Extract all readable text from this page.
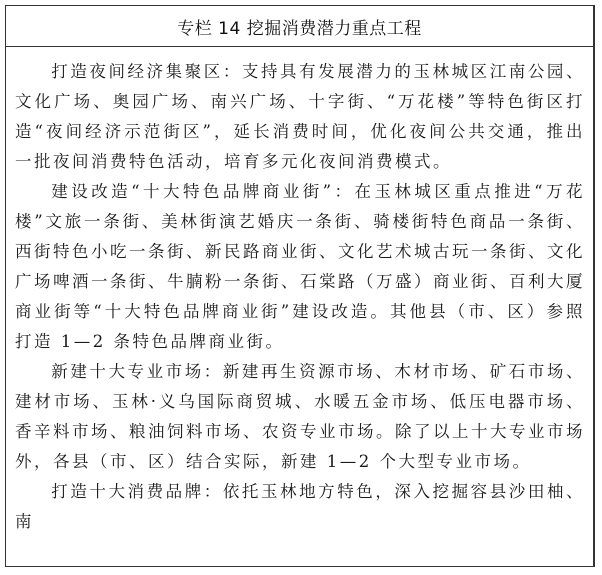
专栏 14 挖掘消费潜力重点工程

打造夜间经济集聚区：支持具有发展潜力的玉林城区江南公园、文化广场、奥园广场、南兴广场、十字街、“万花楼”等特色街区打造“夜间经济示范街区”，延长消费时间，优化夜间公共交通，推出一批夜间消费特色活动，培育多元化夜间消费模式。

建设改造“十大特色品牌商业街”：在玉林城区重点推进“万花楼”文旅一条街、美林街演艺婚庆一条街、骑楼街特色商品一条街、西街特色小吃一条街、新民路商业街、文化艺术城古玩一条街、文化广场啤酒一条街、牛腩粉一条街、石棠路（万盛）商业街、百利大厦商业街等“十大特色品牌商业街”建设改造。其他县（市、区）参照打造 1—2 条特色品牌商业街。

新建十大专业市场：新建再生资源市场、木材市场、矿石市场、建材市场、玉林·义乌国际商贸城、水暖五金市场、低压电器市场、香辛料市场、粮油饲料市场、农资专业市场。除了以上十大专业市场外，各县（市、区）结合实际，新建 1—2 个大型专业市场。

打造十大消费品牌：依托玉林地方特色，深入挖掘容县沙田柚、南
